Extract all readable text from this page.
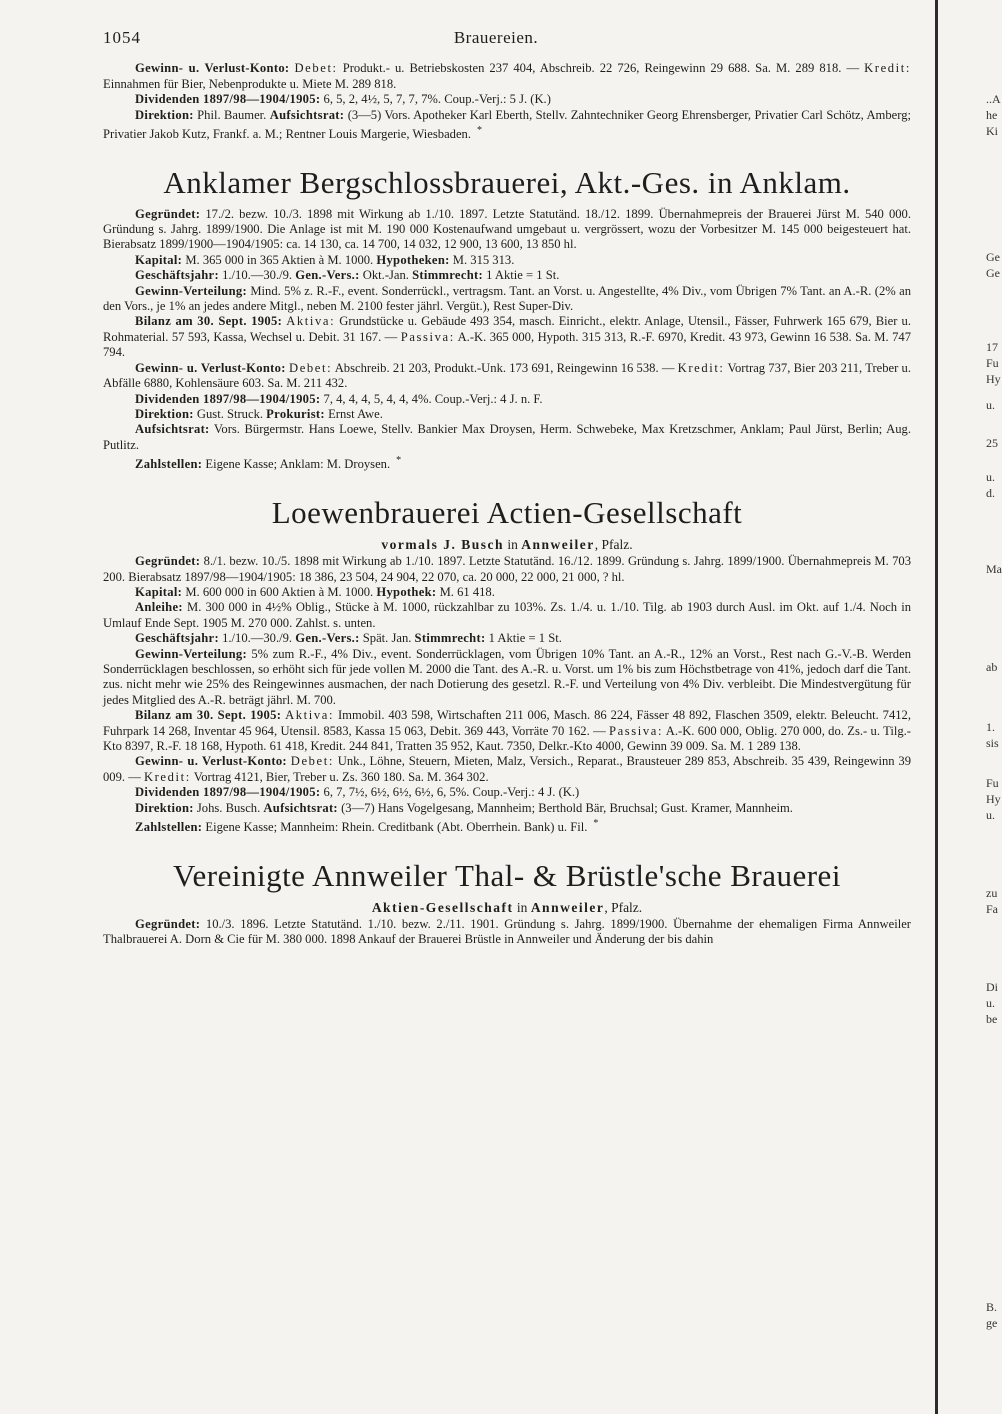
1054	Brauereien.

Gewinn- u. Verlust-Konto: Debet: Produkt.- u. Betriebskosten 237 404, Abschreib. 22 726, Reingewinn 29 688. Sa. M. 289 818. — Kredit: Einnahmen für Bier, Nebenprodukte u. Miete M. 289 818.

Dividenden 1897/98—1904/1905: 6, 5, 2, 4½, 5, 7, 7, 7%. Coup.-Verj.: 5 J. (K.)

Direktion: Phil. Baumer. Aufsichtsrat: (3—5) Vors. Apotheker Karl Eberth, Stellv. Zahntechniker Georg Ehrensberger, Privatier Carl Schötz, Amberg; Privatier Jakob Kutz, Frankf. a. M.; Rentner Louis Margerie, Wiesbaden. *

Anklamer Bergschlossbrauerei, Akt.-Ges. in Anklam.

Gegründet: 17./2. bezw. 10./3. 1898 mit Wirkung ab 1./10. 1897. Letzte Statutänd. 18./12. 1899. Übernahmepreis der Brauerei Jürst M. 540 000. Gründung s. Jahrg. 1899/1900. Die Anlage ist mit M. 190 000 Kostenaufwand umgebaut u. vergrössert, wozu der Vorbesitzer M. 145 000 beigesteuert hat. Bierabsatz 1899/1900—1904/1905: ca. 14 130, ca. 14 700, 14 032, 12 900, 13 600, 13 850 hl.

Kapital: M. 365 000 in 365 Aktien à M. 1000. Hypotheken: M. 315 313.

Geschäftsjahr: 1./10.—30./9. Gen.-Vers.: Okt.-Jan. Stimmrecht: 1 Aktie = 1 St.

Gewinn-Verteilung: Mind. 5% z. R.-F., event. Sonderrückl., vertragsm. Tant. an Vorst. u. Angestellte, 4% Div., vom Übrigen 7% Tant. an A.-R. (2% an den Vors., je 1% an jedes andere Mitgl., neben M. 2100 fester jährl. Vergüt.), Rest Super-Div.

Bilanz am 30. Sept. 1905: Aktiva: Grundstücke u. Gebäude 493 354, masch. Einricht., elektr. Anlage, Utensil., Fässer, Fuhrwerk 165 679, Bier u. Rohmaterial. 57 593, Kassa, Wechsel u. Debit. 31 167. — Passiva: A.-K. 365 000, Hypoth. 315 313, R.-F. 6970, Kredit. 43 973, Gewinn 16 538. Sa. M. 747 794.

Gewinn- u. Verlust-Konto: Debet: Abschreib. 21 203, Produkt.-Unk. 173 691, Reingewinn 16 538. — Kredit: Vortrag 737, Bier 203 211, Treber u. Abfälle 6880, Kohlensäure 603. Sa. M. 211 432.

Dividenden 1897/98—1904/1905: 7, 4, 4, 4, 5, 4, 4, 4%. Coup.-Verj.: 4 J. n. F.

Direktion: Gust. Struck. Prokurist: Ernst Awe.

Aufsichtsrat: Vors. Bürgermstr. Hans Loewe, Stellv. Bankier Max Droysen, Herm. Schwebeke, Max Kretzschmer, Anklam; Paul Jürst, Berlin; Aug. Putlitz.

Zahlstellen: Eigene Kasse; Anklam: M. Droysen. *

Loewenbrauerei Actien-Gesellschaft

vormals J. Busch in Annweiler, Pfalz.

Gegründet: 8./1. bezw. 10./5. 1898 mit Wirkung ab 1./10. 1897. Letzte Statutänd. 16./12. 1899. Gründung s. Jahrg. 1899/1900. Übernahmepreis M. 703 200. Bierabsatz 1897/98—1904/1905: 18 386, 23 504, 24 904, 22 070, ca. 20 000, 22 000, 21 000, ? hl.

Kapital: M. 600 000 in 600 Aktien à M. 1000. Hypothek: M. 61 418.

Anleihe: M. 300 000 in 4½% Oblig., Stücke à M. 1000, rückzahlbar zu 103%. Zs. 1./4. u. 1./10. Tilg. ab 1903 durch Ausl. im Okt. auf 1./4. Noch in Umlauf Ende Sept. 1905 M. 270 000. Zahlst. s. unten.

Geschäftsjahr: 1./10.—30./9. Gen.-Vers.: Spät. Jan. Stimmrecht: 1 Aktie = 1 St.

Gewinn-Verteilung: 5% zum R.-F., 4% Div., event. Sonderrücklagen, vom Übrigen 10% Tant. an A.-R., 12% an Vorst., Rest nach G.-V.-B. Werden Sonderrücklagen beschlossen, so erhöht sich für jede vollen M. 2000 die Tant. des A.-R. u. Vorst. um 1% bis zum Höchstbetrage von 41%, jedoch darf die Tant. zus. nicht mehr wie 25% des Reingewinnes ausmachen, der nach Dotierung des gesetzl. R.-F. und Verteilung von 4% Div. verbleibt. Die Mindestvergütung für jedes Mitglied des A.-R. beträgt jährl. M. 700.

Bilanz am 30. Sept. 1905: Aktiva: Immobil. 403 598, Wirtschaften 211 006, Masch. 86 224, Fässer 48 892, Flaschen 3509, elektr. Beleucht. 7412, Fuhrpark 14 268, Inventar 45 964, Utensil. 8583, Kassa 15 063, Debit. 369 443, Vorräte 70 162. — Passiva: A.-K. 600 000, Oblig. 270 000, do. Zs.- u. Tilg.-Kto 8397, R.-F. 18 168, Hypoth. 61 418, Kredit. 244 841, Tratten 35 952, Kaut. 7350, Delkr.-Kto 4000, Gewinn 39 009. Sa. M. 1 289 138.

Gewinn- u. Verlust-Konto: Debet: Unk., Löhne, Steuern, Mieten, Malz, Versich., Reparat., Brausteuer 289 853, Abschreib. 35 439, Reingewinn 39 009. — Kredit: Vortrag 4121, Bier, Treber u. Zs. 360 180. Sa. M. 364 302.

Dividenden 1897/98—1904/1905: 6, 7, 7½, 6½, 6½, 6½, 6, 5%. Coup.-Verj.: 4 J. (K.)

Direktion: Johs. Busch. Aufsichtsrat: (3—7) Hans Vogelgesang, Mannheim; Berthold Bär, Bruchsal; Gust. Kramer, Mannheim.

Zahlstellen: Eigene Kasse; Mannheim: Rhein. Creditbank (Abt. Oberrhein. Bank) u. Fil. *

Vereinigte Annweiler Thal- & Brüstle'sche Brauerei

Aktien-Gesellschaft in Annweiler, Pfalz.

Gegründet: 10./3. 1896. Letzte Statutänd. 1./10. bezw. 2./11. 1901. Gründung s. Jahrg. 1899/1900. Übernahme der ehemaligen Firma Annweiler Thalbrauerei A. Dorn & Cie für M. 380 000. 1898 Ankauf der Brauerei Brüstle in Annweiler und Änderung der bis dahin

..A
he
Ki
Ge
Ge
17
Fu
Hy
u.
25
u.
d.
Ma
ab
1.
sis
Fu
Hy
u.
zu
Fa
Di
u.
be
B.
ge
